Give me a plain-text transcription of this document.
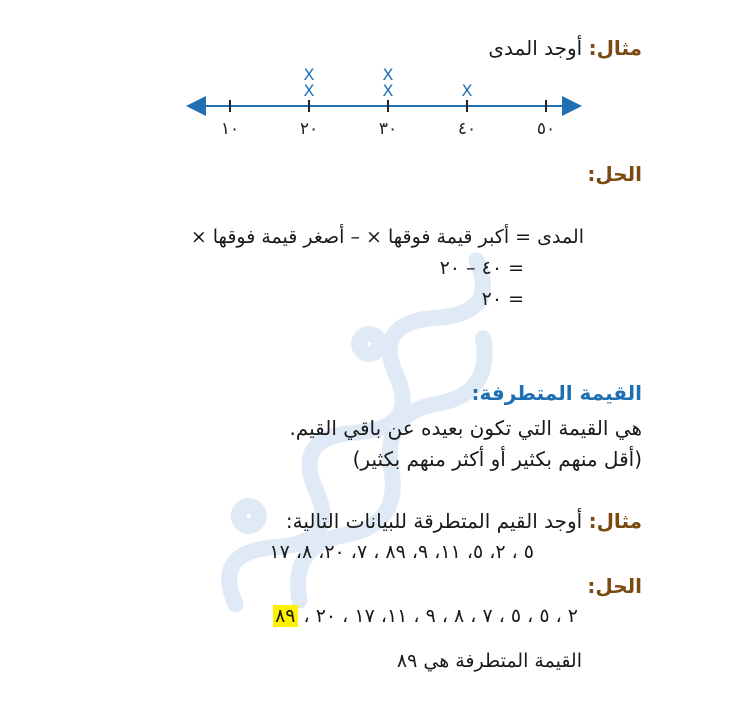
مثال: أوجد المدى
١٠	٢٠	٣٠	٤٠	٥٠
X
X
X
X
X
الحل:
المدى = أكبر قيمة فوقها × – أصغر قيمة فوقها ×
= ٤٠ – ٢٠
= ٢٠
القيمة المتطرفة:
هي القيمة التي تكون بعيده عن باقي القيم.
(أقل منهم بكثير أو أكثر منهم بكثير)
مثال: أوجد القيم المتطرقة للبيانات التالية:
٥ ، ٢، ٥، ١١، ٩، ٨٩ ، ٧، ٢٠، ٨، ١٧
الحل:
٢ ، ٥ ، ٥ ، ٧ ، ٨ ، ٩ ، ١١، ١٧ ، ٢٠ ، ٨٩
القيمة المتطرفة هي ٨٩
